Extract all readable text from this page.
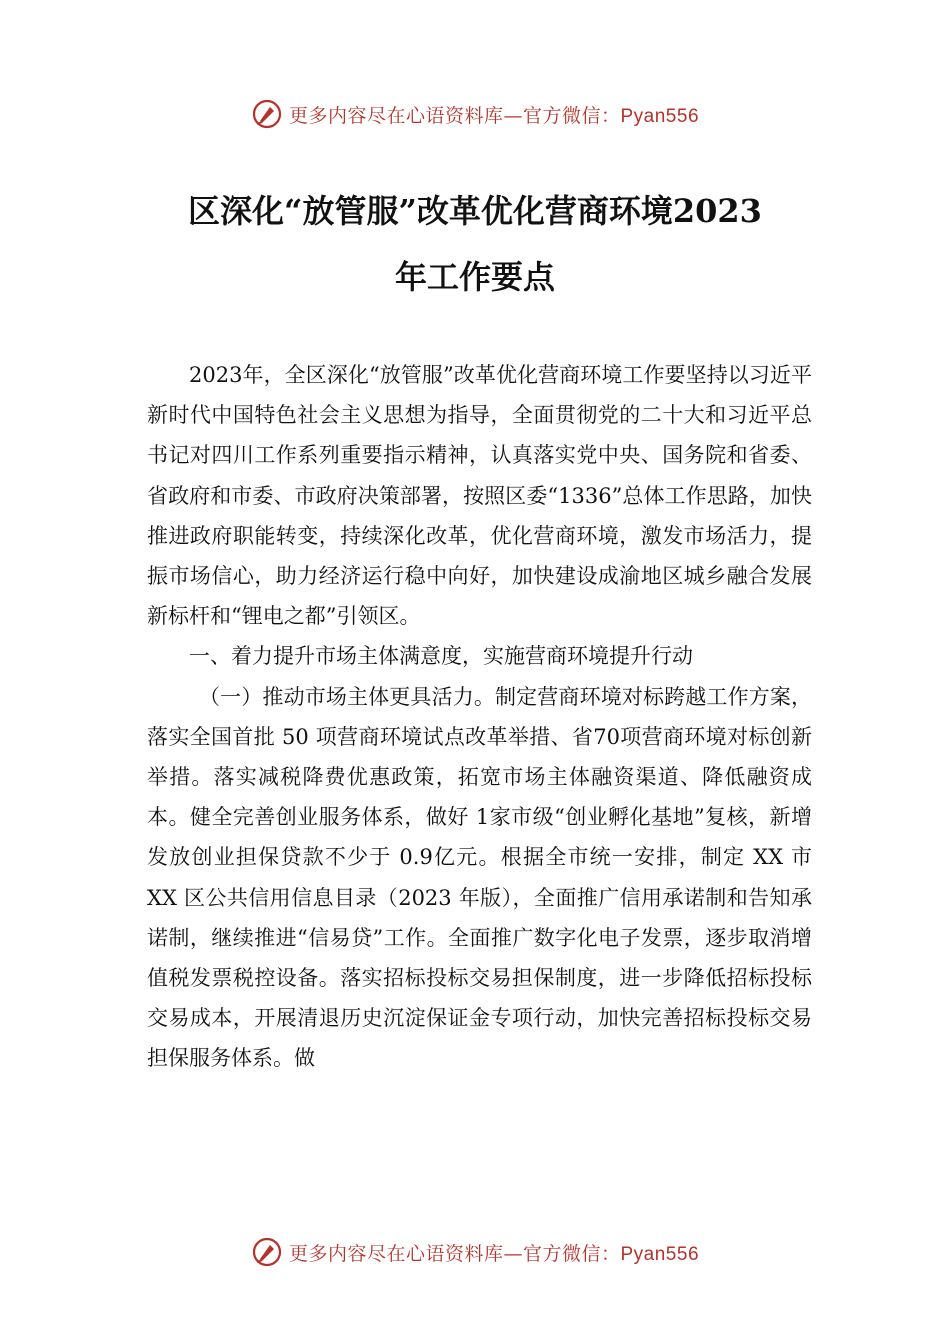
更多内容尽在心语资料库—官方微信：Pyan556
区深化“放管服”改革优化营商环境2023
年工作要点

2023年，全区深化“放管服”改革优化营商环境工作要坚持以习近平新时代中国特色社会主义思想为指导，全面贯彻党的二十大和习近平总书记对四川工作系列重要指示精神，认真落实党中央、国务院和省委、省政府和市委、市政府决策部署，按照区委“1336”总体工作思路，加快推进政府职能转变，持续深化改革，优化营商环境，激发市场活力，提振市场信心，助力经济运行稳中向好，加快建设成渝地区城乡融合发展新标杆和“锂电之都”引领区。

一、着力提升市场主体满意度，实施营商环境提升行动

（一）推动市场主体更具活力。制定营商环境对标跨越工作方案，落实全国首批 50 项营商环境试点改革举措、省70项营商环境对标创新举措。落实减税降费优惠政策，拓宽市场主体融资渠道、降低融资成本。健全完善创业服务体系，做好 1家市级“创业孵化基地”复核，新增发放创业担保贷款不少于 0.9亿元。根据全市统一安排，制定 XX 市 XX 区公共信用信息目录（2023 年版），全面推广信用承诺制和告知承诺制，继续推进“信易贷”工作。全面推广数字化电子发票，逐步取消增值税发票税控设备。落实招标投标交易担保制度，进一步降低招标投标交易成本，开展清退历史沉淀保证金专项行动，加快完善招标投标交易担保服务体系。做

更多内容尽在心语资料库—官方微信：Pyan556
